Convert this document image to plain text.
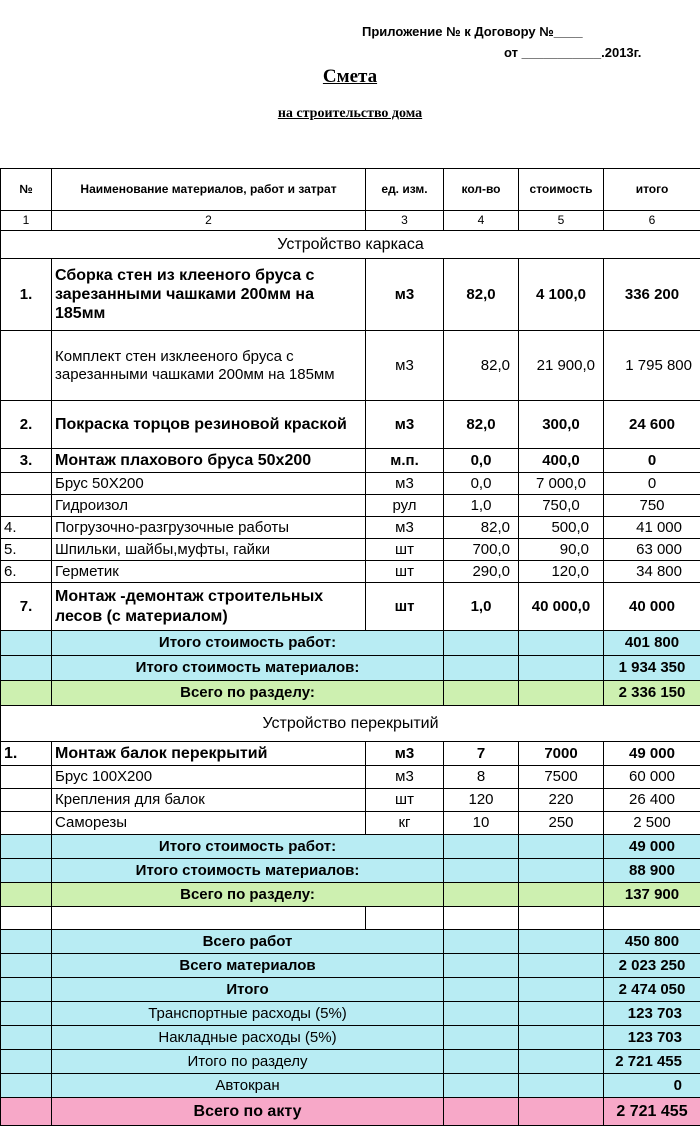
Приложение № к Договору №____
от ___________.2013г.
Смета
на строительство дома
№	Наименование материалов, работ и затрат	ед. изм.	кол-во	стоимость	итого
1	2	3	4	5	6
Устройство каркаса					
1.	Сборка стен из клееного бруса с зарезанными чашками 200мм на 185мм	м3	82,0	4 100,0	336 200
	Комплект стен изклееного бруса с зарезанными чашками 200мм на 185мм	м3	82,0	21 900,0	1 795 800
2.	Покраска торцов резиновой краской	м3	82,0	300,0	24 600
3.	Монтаж плахового бруса 50х200	м.п.	0,0	400,0	0
	Брус 50Х200	м3	0,0	7 000,0	0
	Гидроизол	рул	1,0	750,0	750
4.	Погрузочно-разгрузочные работы	м3	82,0	500,0	41 000
5.	Шпильки, шайбы,муфты, гайки	шт	700,0	90,0	63 000
6.	Герметик	шт	290,0	120,0	34 800
7.	Монтаж -демонтаж строительных лесов (с материалом)	шт	1,0	40 000,0	40 000
	Итого стоимость работ:				401 800
	Итого стоимость материалов:				1 934 350
	Всего по разделу:				2 336 150
Устройство перекрытий					
1.	Монтаж балок перекрытий	м3	7	7000	49 000
	Брус 100Х200	м3	8	7500	60 000
	Крепления для балок	шт	120	220	26 400
	Саморезы	кг	10	250	2 500
	Итого стоимость работ:				49 000
	Итого стоимость материалов:				88 900
	Всего по разделу:				137 900

	Всего работ				450 800
	Всего материалов				2 023 250
	Итого				2 474 050
	Транспортные расходы (5%)				123 703
	Накладные расходы (5%)				123 703
	Итого по разделу				2 721 455
	Автокран				0
	Всего по акту				2 721 455
